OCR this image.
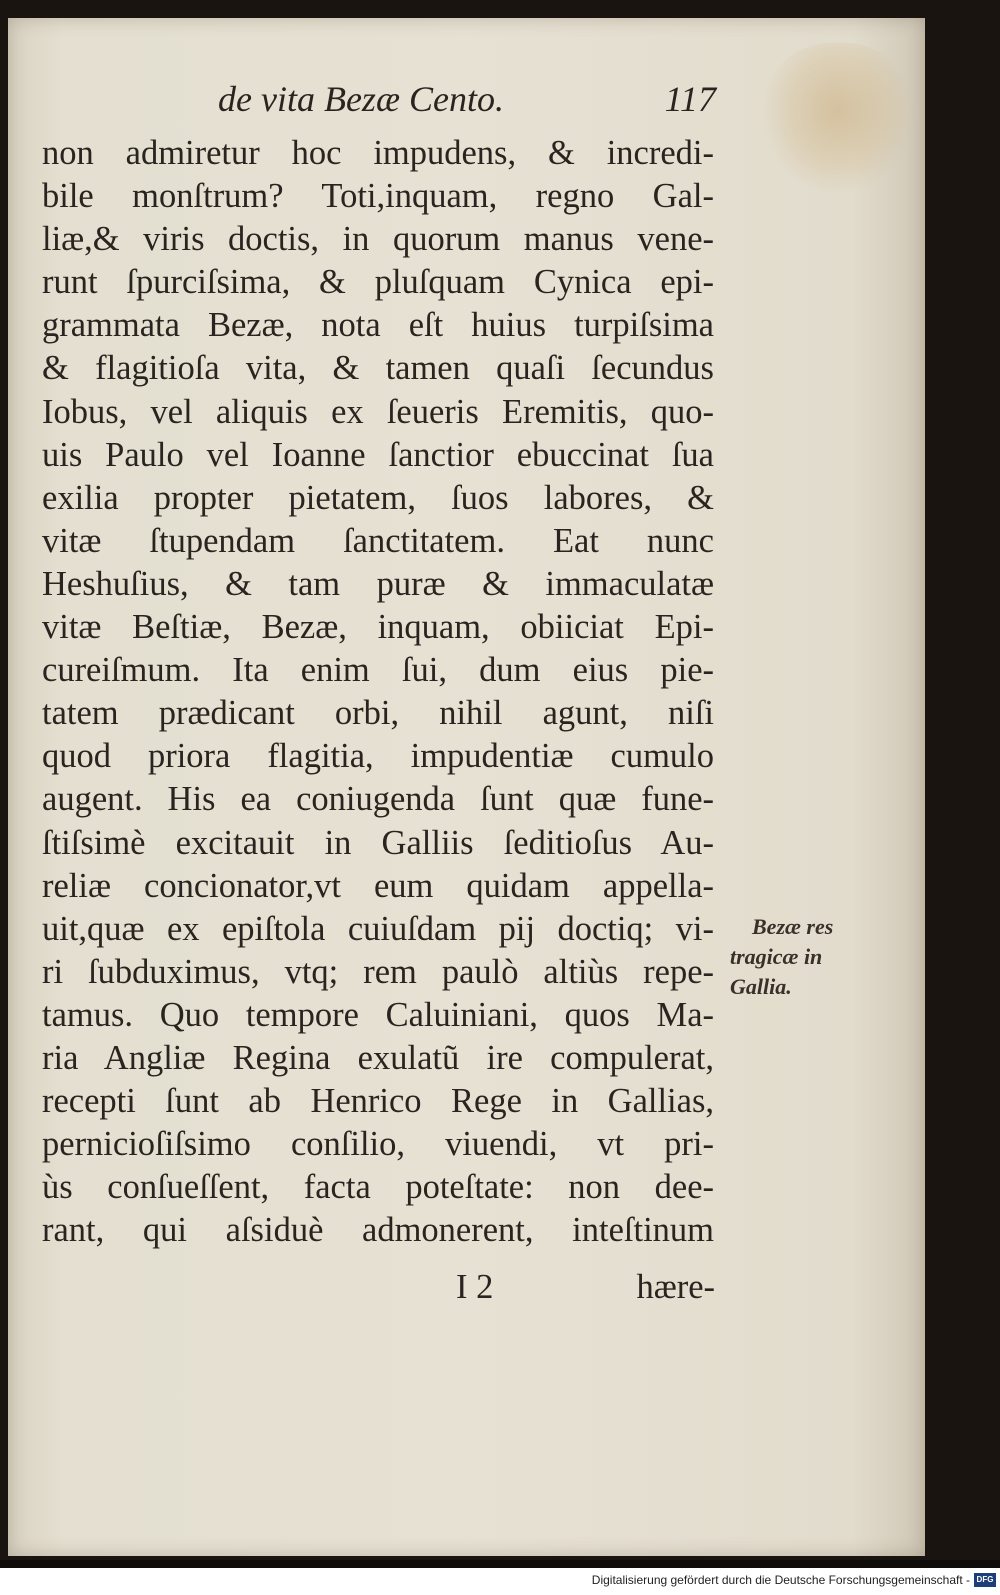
de vita Bezæ Cento.	117
non admiretur hoc impudens, & incredi-
bile monſtrum? Toti,inquam, regno Gal-
liæ,& viris doctis, in quorum manus vene-
runt ſpurciſsima, & pluſquam Cynica epi-
grammata Bezæ, nota eſt huius turpiſsima
& flagitioſa vita, & tamen quaſi ſecundus
Iobus, vel aliquis ex ſeueris Eremitis, quo-
uis Paulo vel Ioanne ſanctior ebuccinat ſua
exilia propter pietatem, ſuos labores, &
vitæ ſtupendam ſanctitatem. Eat nunc
Heshuſius, & tam puræ & immaculatæ
vitæ Beſtiæ, Bezæ, inquam, obiiciat Epi-
cureiſmum. Ita enim ſui, dum eius pie-
tatem prædicant orbi, nihil agunt, niſi
quod priora flagitia, impudentiæ cumulo
augent. His ea coniugenda ſunt quæ fune-
ſtiſsimè excitauit in Galliis ſeditioſus Au-
reliæ concionator,vt eum quidam appella-
uit,quæ ex epiſtola cuiuſdam pij doctiq; vi-
ri ſubduximus, vtq; rem paulò altiùs repe-
tamus. Quo tempore Caluiniani, quos Ma-
ria Angliæ Regina exulatũ ire compulerat,
recepti ſunt ab Henrico Rege in Gallias,
pernicioſiſsimo conſilio, viuendi, vt pri-
ùs conſueſſent, facta poteſtate: non dee-
rant, qui aſsiduè admonerent, inteſtinum
Bezæ res
tragicæ in
Gallia.
I 2	hære-
Digitalisierung gefördert durch die Deutsche Forschungsgemeinschaft - DFG
